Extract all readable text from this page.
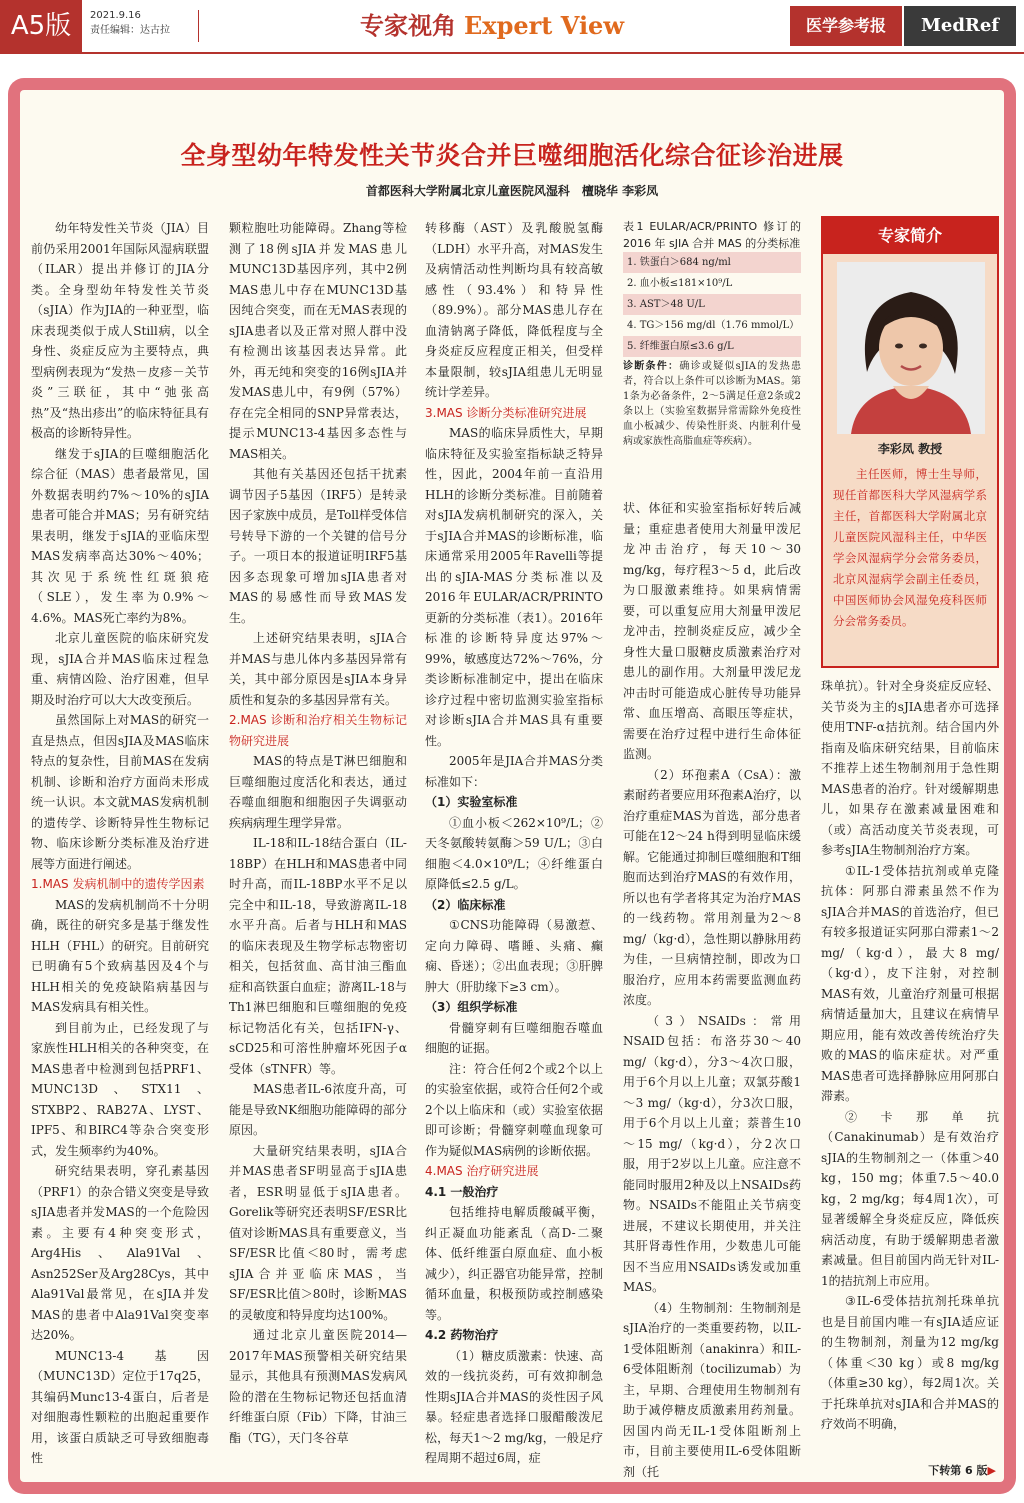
A5版	2021.9.16
责任编辑：达古拉	专家视角 Expert View	医学参考报	MedRef
全身型幼年特发性关节炎合并巨噬细胞活化综合征诊治进展
首都医科大学附属北京儿童医院风湿科　檀晓华 李彩凤

幼年特发性关节炎（JIA）目前仍采用2001年国际风湿病联盟（ILAR）提出并修订的JIA分类。全身型幼年特发性关节炎（sJIA）作为JIA的一种亚型，临床表现类似于成人Still病，以全身性、炎症反应为主要特点，典型病例表现为“发热－皮疹－关节炎”三联征，其中“弛张高热”及“热出疹出”的临床特征具有极高的诊断特异性。

继发于sJIA的巨噬细胞活化综合征（MAS）患者最常见，国外数据表明约7%～10%的sJIA患者可能合并MAS；另有研究结果表明，继发于sJIA的亚临床型MAS发病率高达30%～40%；其次见于系统性红斑狼疮（SLE），发生率为0.9%～4.6%。MAS死亡率约为8%。

北京儿童医院的临床研究发现，sJIA合并MAS临床过程急重、病情凶险、治疗困难，但早期及时治疗可以大大改变预后。

虽然国际上对MAS的研究一直是热点，但因sJIA及MAS临床特点的复杂性，目前MAS在发病机制、诊断和治疗方面尚未形成统一认识。本文就MAS发病机制的遗传学、诊断特异性生物标记物、临床诊断分类标准及治疗进展等方面进行阐述。

1.MAS 发病机制中的遗传学因素

MAS的发病机制尚不十分明确，既往的研究多是基于继发性HLH（FHL）的研究。目前研究已明确有5个致病基因及4个与HLH相关的免疫缺陷病基因与MAS发病具有相关性。

到目前为止，已经发现了与家族性HLH相关的各种突变，在MAS患者中检测到包括PRF1、MUNC13D、STX11、STXBP2、RAB27A、LYST、IPF5、和BIRC4等杂合突变形式，发生频率约为40%。

研究结果表明，穿孔素基因（PRF1）的杂合错义突变是导致sJIA患者并发MAS的一个危险因素。主要有4种突变形式，Arg4His、Ala91Val、Asn252Ser及Arg28Cys，其中Ala91Val最常见，在sJIA并发MAS的患者中Ala91Val突变率达20%。

MUNC13-4基因（MUNC13D）定位于17q25，其编码Munc13-4蛋白，后者是对细胞毒性颗粒的出胞起重要作用，该蛋白质缺乏可导致细胞毒性

颗粒胞吐功能障碍。Zhang等检测了18例sJIA并发MAS患儿MUNC13D基因序列，其中2例MAS患儿中存在MUNC13D基因纯合突变，而在无MAS表现的sJIA患者以及正常对照人群中没有检测出该基因表达异常。此外，再无纯和突变的16例sJIA并发MAS患儿中，有9例（57%）存在完全相同的SNP异常表达，提示MUNC13-4基因多态性与MAS相关。

其他有关基因还包括干扰素调节因子5基因（IRF5）是转录因子家族中成员，是Toll样受体信号转导下游的一个关键的信号分子。一项日本的报道证明IRF5基因多态现象可增加sJIA患者对MAS的易感性而导致MAS发生。

上述研究结果表明，sJIA合并MAS与患儿体内多基因异常有关，其中部分原因是sJIA本身异质性和复杂的多基因异常有关。

2.MAS 诊断和治疗相关生物标记物研究进展

MAS的特点是T淋巴细胞和巨噬细胞过度活化和表达，通过吞噬血细胞和细胞因子失调驱动疾病病理生理学异常。

IL-18和IL-18结合蛋白（IL-18BP）在HLH和MAS患者中同时升高，而IL-18BP水平不足以完全中和IL-18，导致游离IL-18水平升高。后者与HLH和MAS的临床表现及生物学标志物密切相关，包括贫血、高甘油三酯血症和高铁蛋白血症；游离IL-18与Th1淋巴细胞和巨噬细胞的免疫标记物活化有关，包括IFN-γ、sCD25和可溶性肿瘤坏死因子α受体（sTNFR）等。

MAS患者IL-6浓度升高，可能是导致NK细胞功能障碍的部分原因。

大量研究结果表明，sJIA合并MAS患者SF明显高于sJIA患者，ESR明显低于sJIA患者。Gorelik等研究还表明SF/ESR比值对诊断MAS具有重要意义，当SF/ESR比值＜80时，需考虑sJIA合并亚临床MAS，当SF/ESR比值＞80时，诊断MAS的灵敏度和特异度均达100%。

通过北京儿童医院2014—2017年MAS预警相关研究结果显示，其他具有预测MAS发病风险的潜在生物标记物还包括血清纤维蛋白原（Fib）下降，甘油三酯（TG），天门冬谷草

转移酶（AST）及乳酸脱氢酶（LDH）水平升高，对MAS发生及病情活动性判断均具有较高敏感性（93.4%）和特异性（89.9%）。部分MAS患儿存在血清钠离子降低，降低程度与全身炎症反应程度正相关，但受样本量限制，较sJIA组患儿无明显统计学差异。

3.MAS 诊断分类标准研究进展

MAS的临床异质性大，早期临床特征及实验室指标缺乏特异性，因此，2004年前一直沿用HLH的诊断分类标准。目前随着对sJIA发病机制研究的深入，关于sJIA合并MAS的诊断标准，临床通常采用2005年Ravelli等提出的sJIA-MAS分类标准以及2016年EULAR/ACR/PRINTO更新的分类标准（表1）。2016年标准的诊断特异度达97%～99%，敏感度达72%～76%，分类诊断标准制定中，提出在临床诊疗过程中密切监测实验室指标对诊断sJIA合并MAS具有重要性。

2005年是JIA合并MAS分类标准如下：

（1）实验室标准

①血小板＜262×10⁹/L；②天冬氨酸转氨酶＞59 U/L；③白细胞＜4.0×10⁹/L；④纤维蛋白原降低≤2.5 g/L。

（2）临床标准

①CNS功能障碍（易激惹、定向力障碍、嗜睡、头痛、癫痫、昏迷）；②出血表现；③肝脾肿大（肝肋缘下≥3 cm）。

（3）组织学标准

骨髓穿刺有巨噬细胞吞噬血细胞的证据。

注：符合任何2个或2个以上的实验室依据，或符合任何2个或2个以上临床和（或）实验室依据即可诊断；骨髓穿刺噬血现象可作为疑似MAS病例的诊断依据。

4.MAS 治疗研究进展
4.1 一般治疗

包括维持电解质酸碱平衡，纠正凝血功能紊乱（高D-二聚体、低纤维蛋白原血症、血小板减少），纠正器官功能异常，控制循环血量，积极预防或控制感染等。

4.2 药物治疗

（1）糖皮质激素：快速、高效的一线抗炎药，可有效抑制急性期sJIA合并MAS的炎性因子风暴。轻症患者选择口服醋酸泼尼松，每天1～2 mg/kg，一般足疗程周期不超过6周，症

表1 EULAR/ACR/PRINTO 修订的 2016 年 sJIA 合并 MAS 的分类标准
1. 铁蛋白＞684 ng/ml
2. 血小板≤181×10⁹/L
3. AST＞48 U/L
4. TG＞156 mg/dl（1.76 mmol/L）
5. 纤维蛋白原≤3.6 g/L
诊断条件：确诊或疑似sJIA的发热患者，符合以上条件可以诊断为MAS。第1条为必备条件，2～5满足任意2条或2条以上（实验室数据异常需除外免疫性血小板减少、传染性肝炎、内脏利什曼病或家族性高脂血症等疾病）。

状、体征和实验室指标好转后减量；重症患者使用大剂量甲泼尼龙冲击治疗，每天10～30 mg/kg，每疗程3～5 d，此后改为口服激素维持。如果病情需要，可以重复应用大剂量甲泼尼龙冲击，控制炎症反应，减少全身性大量口服糖皮质激素治疗对患儿的副作用。大剂量甲泼尼龙冲击时可能造成心脏传导功能异常、血压增高、高眼压等症状，需要在治疗过程中进行生命体征监测。

（2）环孢素A（CsA）：激素耐药者要应用环孢素A治疗，以治疗重症MAS为首选，部分患者可能在12～24 h得到明显临床缓解。它能通过抑制巨噬细胞和T细胞而达到治疗MAS的有效作用，所以也有学者将其定为治疗MAS的一线药物。常用剂量为2～8 mg/（kg·d），急性期以静脉用药为佳，一旦病情控制，即改为口服治疗，应用本药需要监测血药浓度。

（3）NSAIDs：常用NSAID包括：布洛芬30～40 mg/（kg·d），分3～4次口服，用于6个月以上儿童；双氯芬酸1～3 mg/（kg·d），分3次口服，用于6个月以上儿童；萘普生10～15 mg/（kg·d），分2次口服，用于2岁以上儿童。应注意不能同时服用2种及以上NSAIDs药物。NSAIDs不能阻止关节病变进展，不建议长期使用，并关注其肝肾毒性作用，少数患儿可能因不当应用NSAIDs诱发或加重MAS。

（4）生物制剂：生物制剂是sJIA治疗的一类重要药物，以IL-1受体阻断剂（anakinra）和IL-6受体阻断剂（tocilizumab）为主，早期、合理使用生物制剂有助于减停糖皮质激素用药剂量。因国内尚无IL-1受体阻断剂上市，目前主要使用IL-6受体阻断剂（托

专家简介
李彩凤 教授
主任医师，博士生导师，现任首都医科大学风湿病学系主任，首都医科大学附属北京儿童医院风湿科主任，中华医学会风湿病学分会常务委员，北京风湿病学会副主任委员，中国医师协会风湿免疫科医师分会常务委员。

珠单抗）。针对全身炎症反应轻、关节炎为主的sJIA患者亦可选择使用TNF-α拮抗剂。结合国内外指南及临床研究结果，目前临床不推荐上述生物制剂用于急性期MAS患者的治疗。针对缓解期患儿，如果存在激素减量困难和（或）高活动度关节炎表现，可参考sJIA生物制剂治疗方案。

①IL-1受体拮抗剂或单克隆抗体：阿那白滞素虽然不作为sJIA合并MAS的首选治疗，但已有较多报道证实阿那白滞素1～2 mg/（kg·d），最大8 mg/（kg·d），皮下注射，对控制MAS有效，儿童治疗剂量可根据病情适量加大，且建议在病情早期应用，能有效改善传统治疗失败的MAS的临床症状。对严重MAS患者可选择静脉应用阿那白滞素。

②卡那单抗（Canakinumab）是有效治疗sJIA的生物制剂之一（体重＞40 kg，150 mg；体重7.5～40.0 kg，2 mg/kg；每4周1次），可显著缓解全身炎症反应，降低疾病活动度，有助于缓解期患者激素减量。但目前国内尚无针对IL-1的拮抗剂上市应用。

③IL-6受体拮抗剂托珠单抗也是目前国内唯一有sJIA适应证的生物制剂，剂量为12 mg/kg（体重＜30 kg）或8 mg/kg（体重≥30 kg），每2周1次。关于托珠单抗对sJIA和合并MAS的疗效尚不明确，

下转第 6 版▶
